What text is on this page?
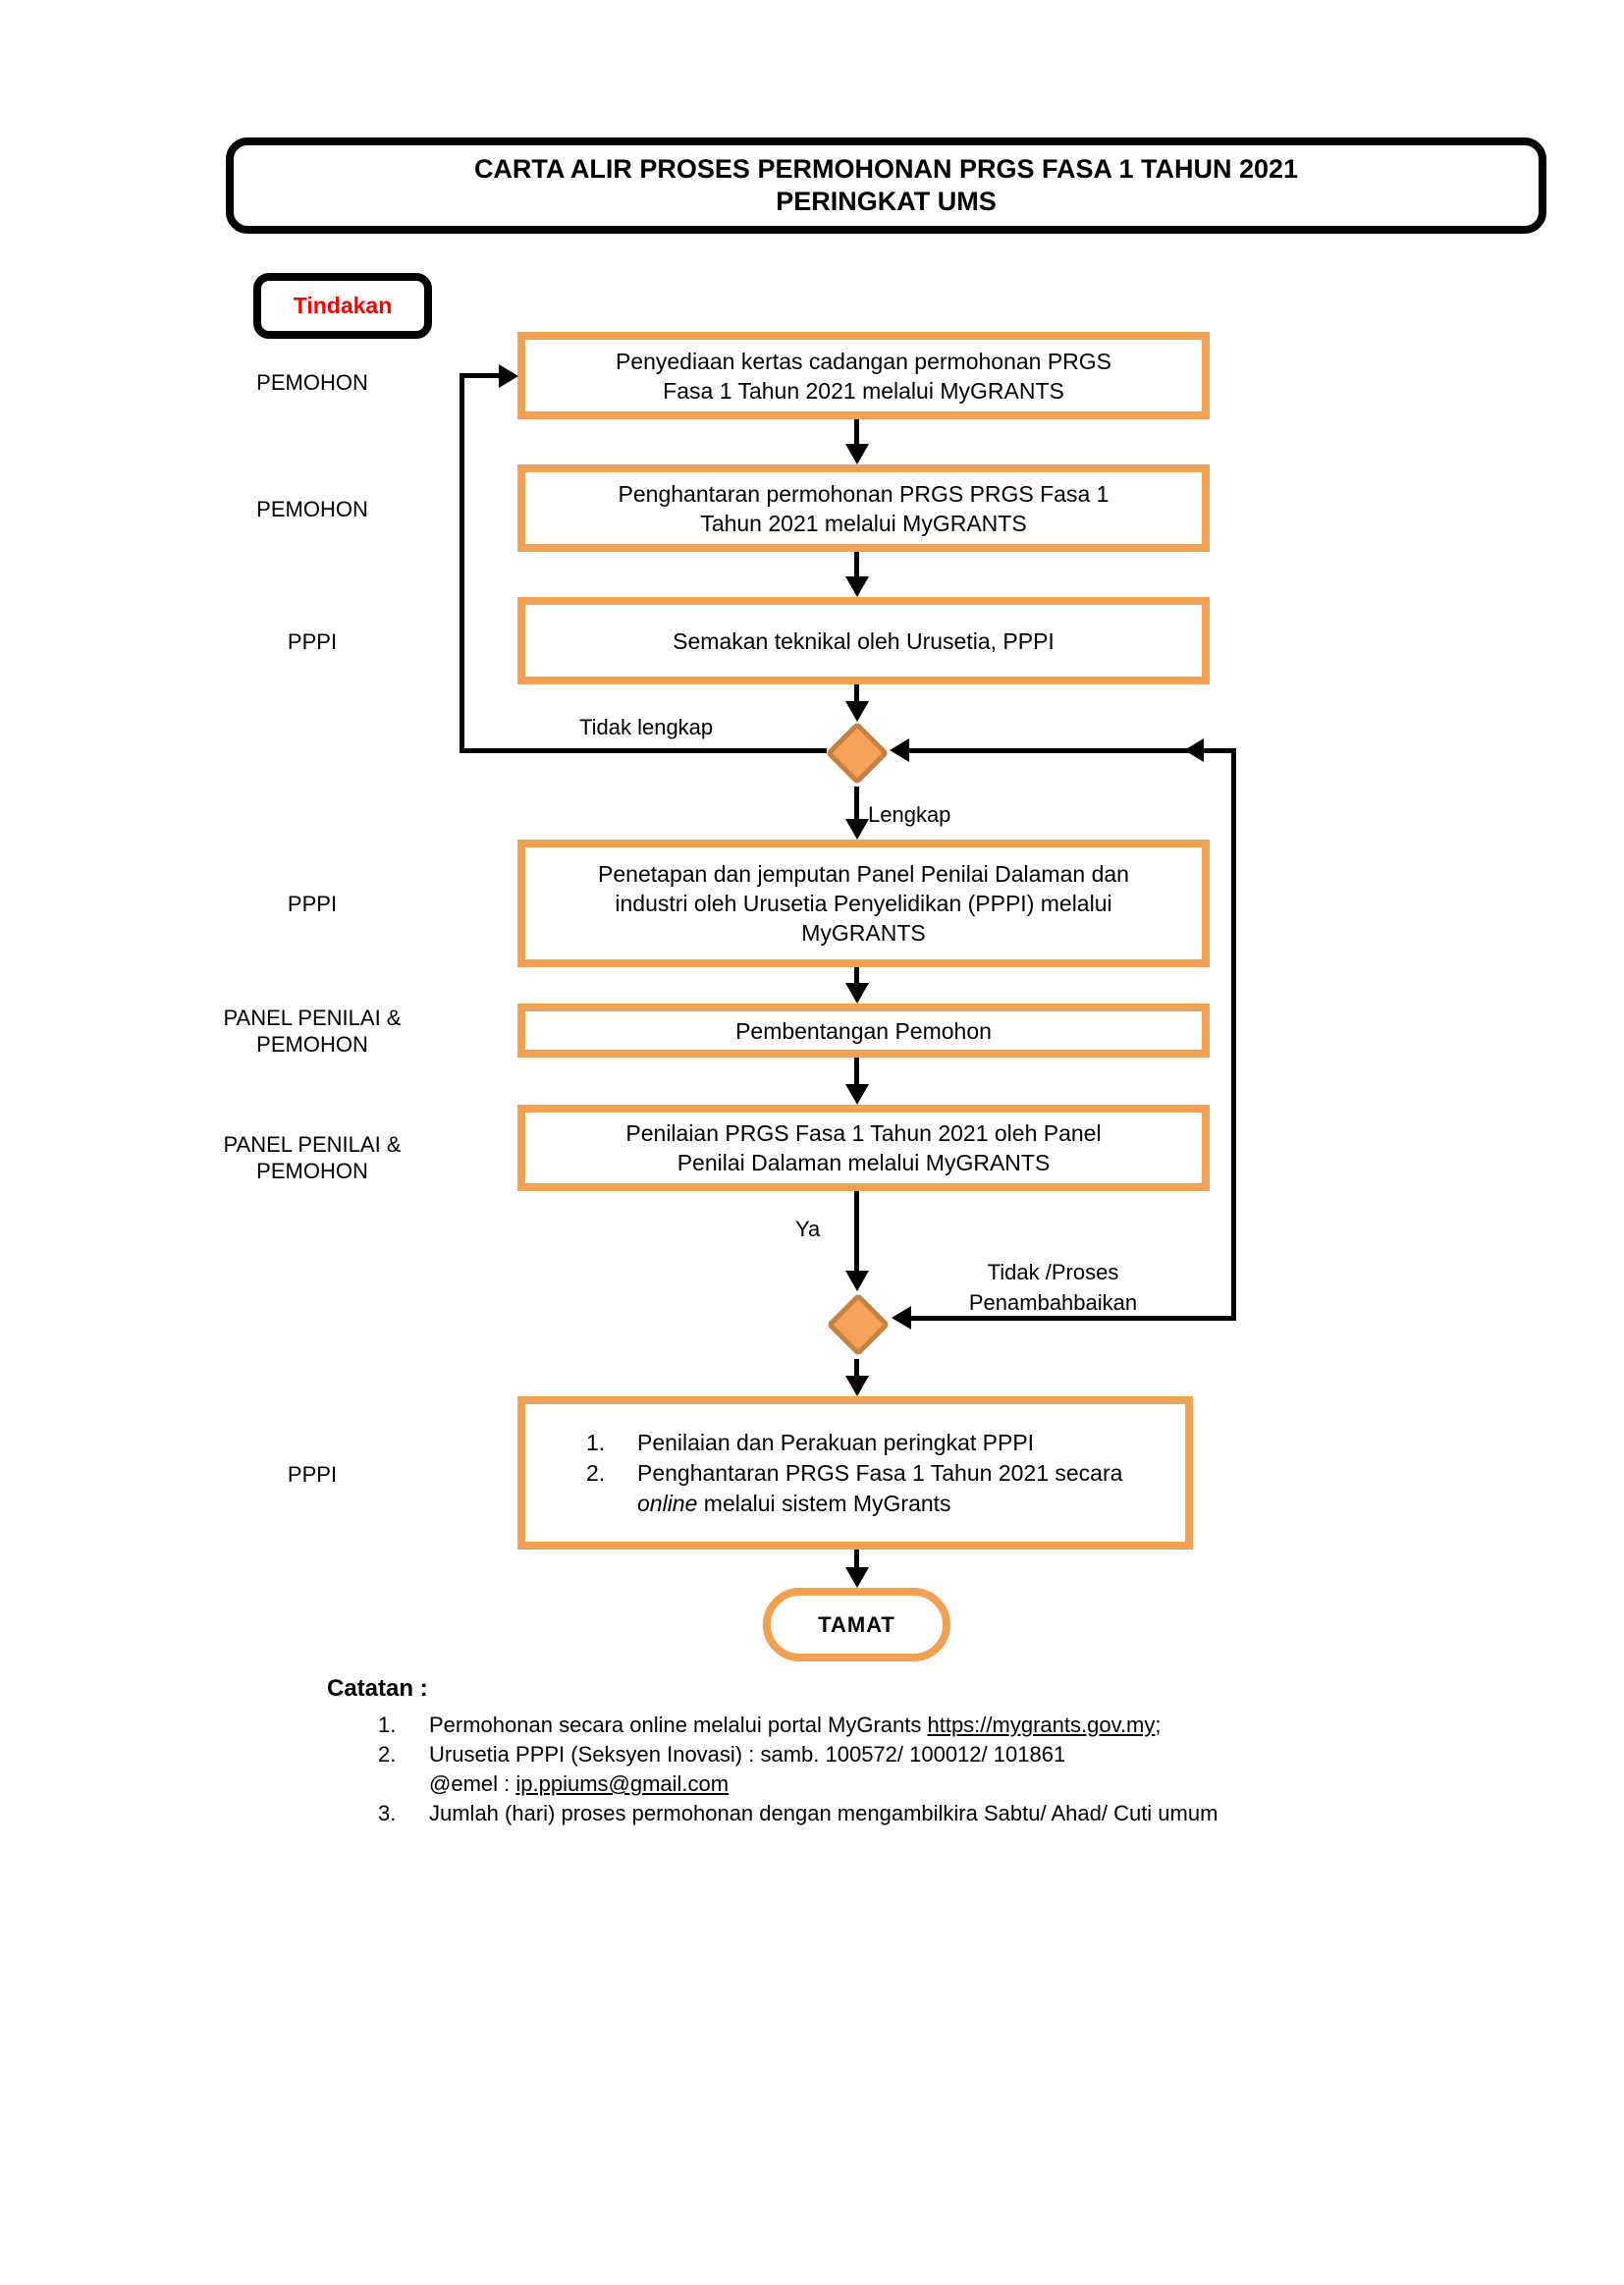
CARTA ALIR PROSES PERMOHONAN PRGS FASA 1 TAHUN 2021
PERINGKAT UMS
Tindakan
PEMOHON
PEMOHON
PPPI
PPPI
PANEL PENILAI &
PEMOHON
PANEL PENILAI &
PEMOHON
PPPI
Penyediaan kertas cadangan permohonan PRGS Fasa 1 Tahun 2021 melalui MyGRANTS
Penghantaran permohonan PRGS PRGS Fasa 1 Tahun 2021 melalui MyGRANTS
Semakan teknikal oleh Urusetia, PPPI
Penetapan dan jemputan Panel Penilai Dalaman dan industri oleh Urusetia Penyelidikan (PPPI) melalui MyGRANTS
Pembentangan Pemohon
Penilaian PRGS Fasa 1 Tahun 2021 oleh Panel Penilai Dalaman melalui MyGRANTS
1.	Penilaian dan Perakuan peringkat PPPI
2.	Penghantaran PRGS Fasa 1 Tahun 2021 secara
online melalui sistem MyGrants
Tidak lengkap
Lengkap
Ya
Tidak /Proses
Penambahbaikan
TAMAT
Catatan :
1.	Permohonan secara online melalui portal MyGrants https://mygrants.gov.my;
2.	Urusetia PPPI (Seksyen Inovasi) : samb. 100572/ 100012/ 101861
@emel : ip.ppiums@gmail.com
3.	Jumlah (hari) proses permohonan dengan mengambilkira Sabtu/ Ahad/ Cuti umum
